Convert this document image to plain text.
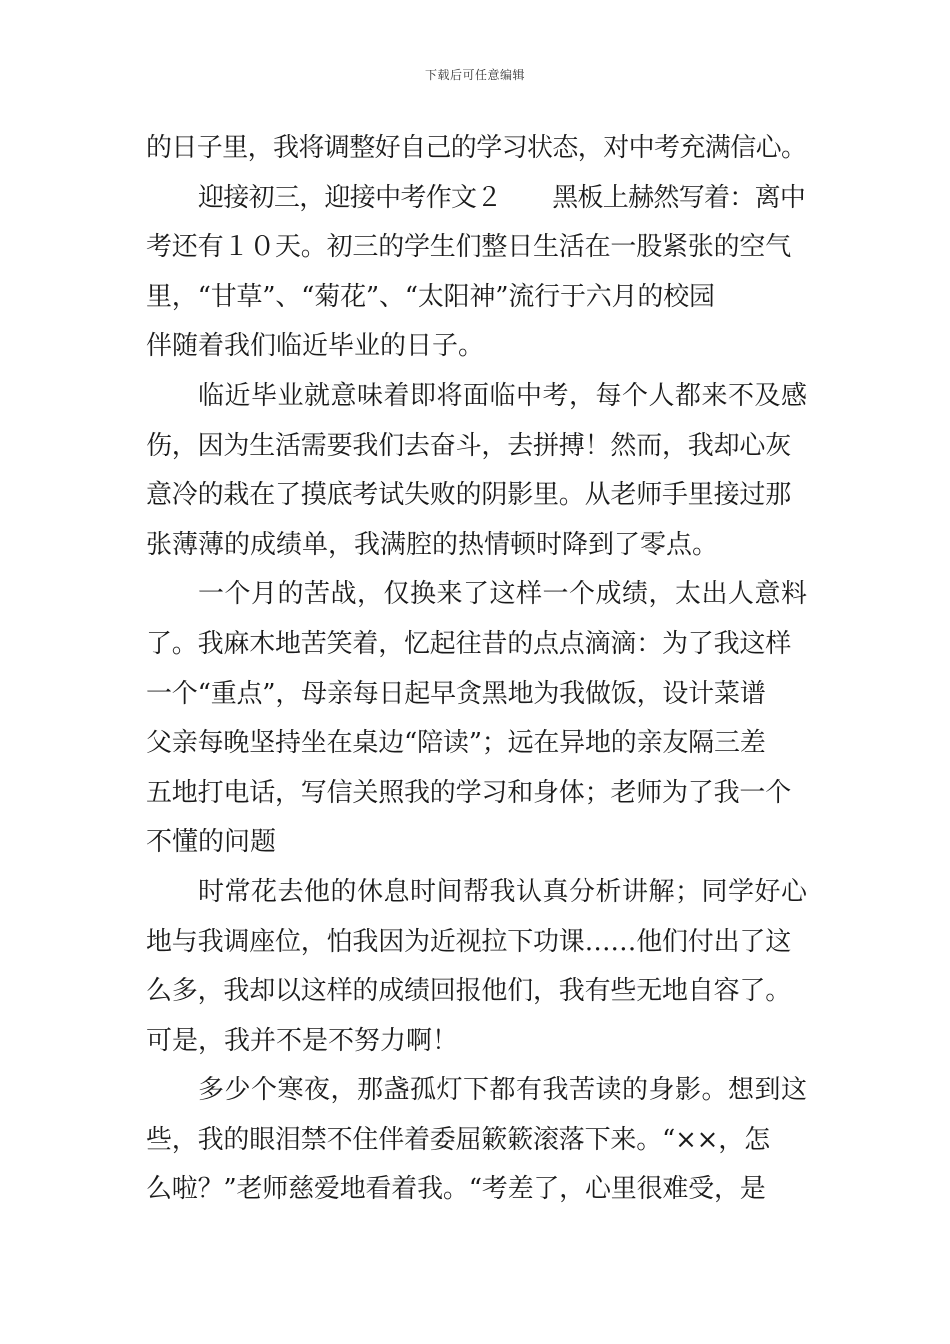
下载后可任意编辑
的日子里，我将调整好自己的学习状态，对中考充满信心。
迎接初三，迎接中考作文２　　黑板上赫然写着：离中
考还有１０天。初三的学生们整日生活在一股紧张的空气
里，“甘草”、“菊花”、“太阳神”流行于六月的校园
伴随着我们临近毕业的日子。
临近毕业就意味着即将面临中考，每个人都来不及感
伤，因为生活需要我们去奋斗，去拼搏！然而，我却心灰
意冷的栽在了摸底考试失败的阴影里。从老师手里接过那
张薄薄的成绩单，我满腔的热情顿时降到了零点。
一个月的苦战，仅换来了这样一个成绩，太出人意料
了。我麻木地苦笑着，忆起往昔的点点滴滴：为了我这样
一个“重点”，母亲每日起早贪黑地为我做饭，设计菜谱
父亲每晚坚持坐在桌边“陪读”；远在异地的亲友隔三差
五地打电话，写信关照我的学习和身体；老师为了我一个
不懂的问题
时常花去他的休息时间帮我认真分析讲解；同学好心
地与我调座位，怕我因为近视拉下功课……他们付出了这
么多，我却以这样的成绩回报他们，我有些无地自容了。
可是，我并不是不努力啊！
多少个寒夜，那盏孤灯下都有我苦读的身影。想到这
些，我的眼泪禁不住伴着委屈簌簌滚落下来。“××，怎
么啦？”老师慈爱地看着我。“考差了，心里很难受，是
